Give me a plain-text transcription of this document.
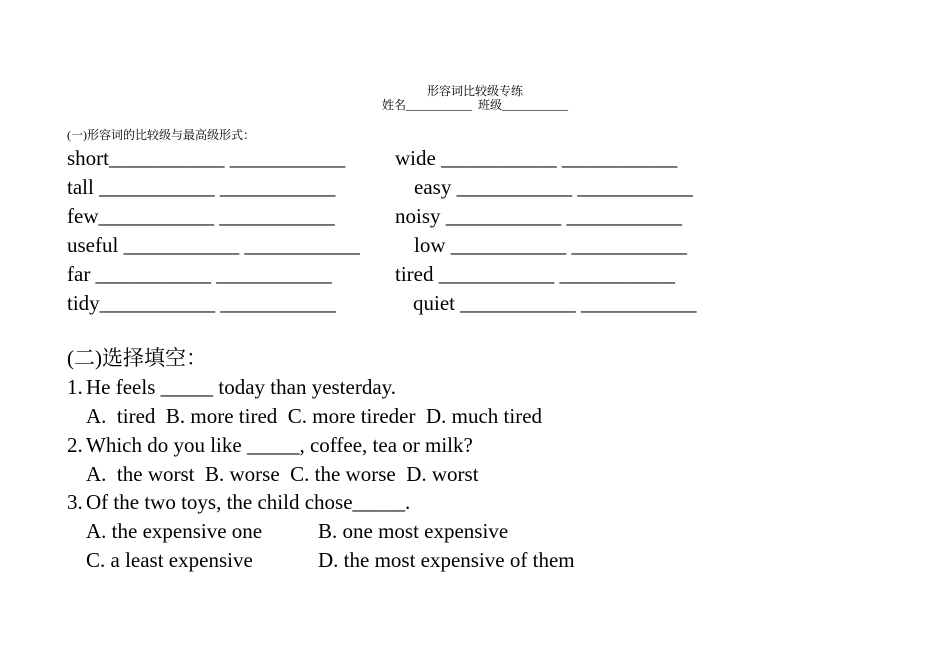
形容词比较级专练
姓名___________  班级___________
(一)形容词的比较级与最高级形式：
short___________ ___________ wide ___________ ___________
tall ___________ ___________	easy ___________ ___________
few___________ ___________	noisy ___________ ___________
useful ___________ ___________	low ___________ ___________
far ___________ ___________	tired ___________ ___________
tidy___________ ___________	quiet ___________ ___________
(二)选择填空：
1. He feels _____ today than yesterday.
A.  tired  B. more tired  C. more tireder  D. much tired
2. Which do you like _____, coffee, tea or milk?
A.  the worst  B. worse  C. the worse  D. worst
3. Of the two toys, the child chose_____.
A. the expensive one	B. one most expensive
C. a least expensive	D. the most expensive of them
